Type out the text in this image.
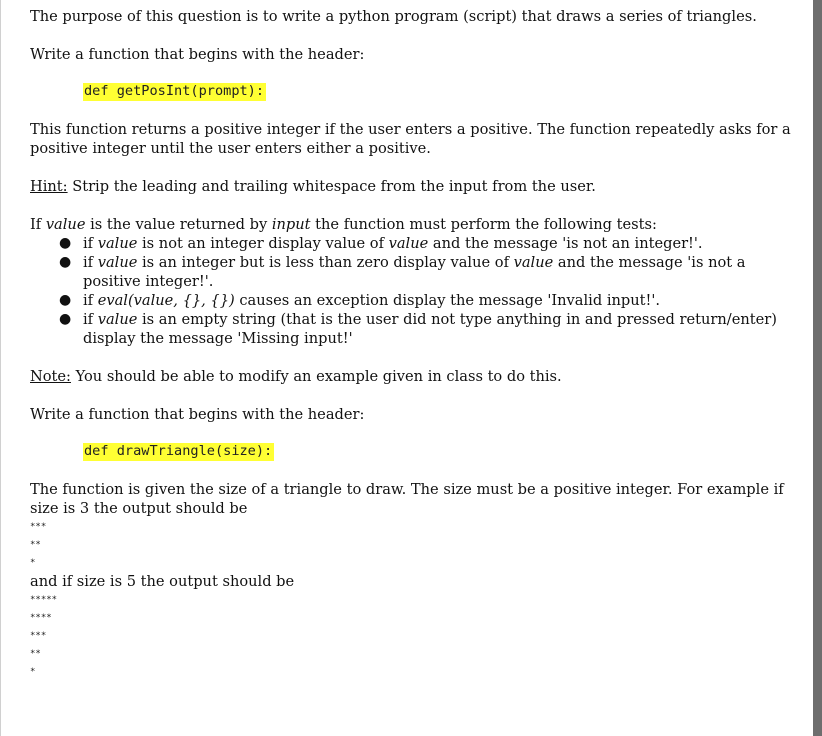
The purpose of this question is to write a python program (script) that draws a series of triangles.

Write a function that begins with the header:

def getPosInt(prompt):

This function returns a positive integer if the user enters a positive. The function repeatedly asks for a positive integer until the user enters either a positive.

Hint: Strip the leading and trailing whitespace from the input from the user.

If value is the value returned by input the function must perform the following tests:

● if value is not an integer display value of value and the message 'is not an integer!'.
● if value is an integer but is less than zero display value of value and the message 'is not a positive integer!'.
● if eval(value, {}, {}) causes an exception display the message 'Invalid input!'.
● if value is an empty string (that is the user did not type anything in and pressed return/enter) display the message 'Missing input!'

Note: You should be able to modify an example given in class to do this.

Write a function that begins with the header:

def drawTriangle(size):

The function is given the size of a triangle to draw. The size must be a positive integer. For example if size is 3 the output should be

***
**
*

and if size is 5 the output should be

*****
****
***
**
*
